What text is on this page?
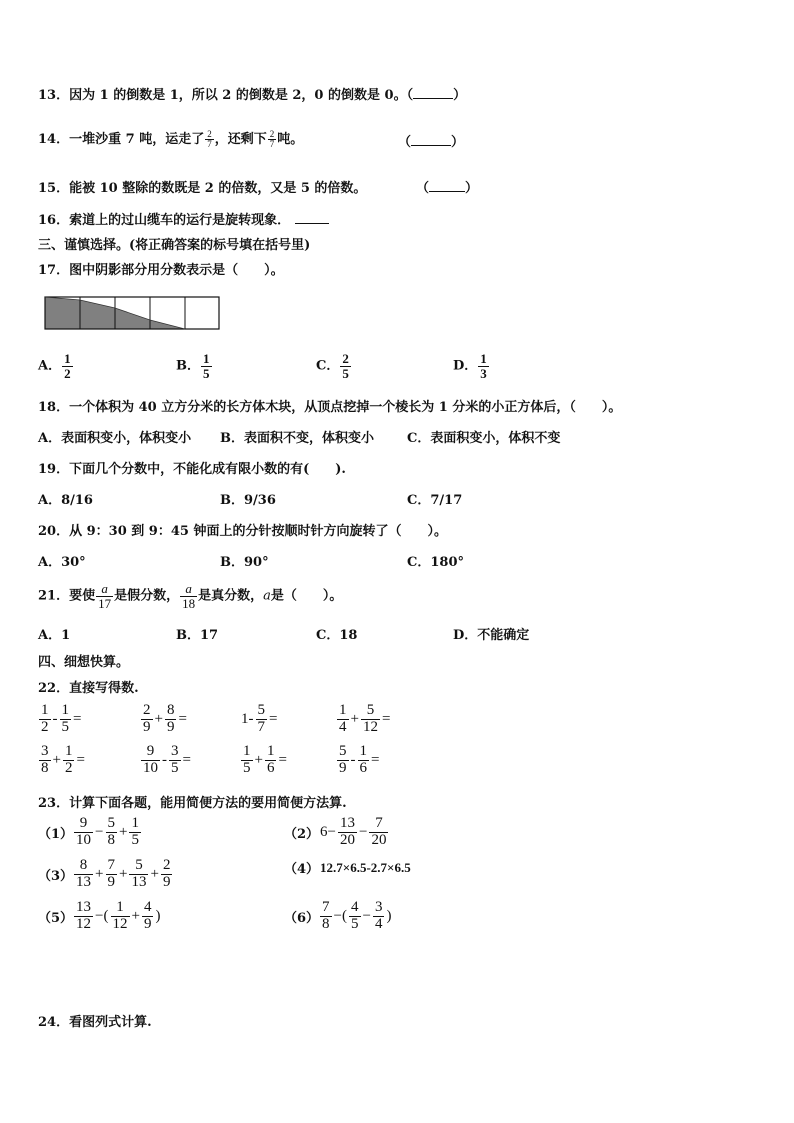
13．因为 1 的倒数是 1，所以 2 的倒数是 2，0 的倒数是 0。（	）
14．一堆沙重 7 吨，运走了 $\frac{2}{7}$ ，还剩下 $\frac{2}{7}$ 吨。	（	）
15．能被 10 整除的数既是 2 的倍数，又是 5 的倍数。	（	）
16．索道上的过山缆车的运行是旋转现象．
三、谨慎选择。(将正确答案的标号填在括号里)
17．图中阴影部分用分数表示是（　　）。
A． $\frac{1}{2}$	B． $\frac{1}{5}$	C． $\frac{2}{5}$	D． $\frac{1}{3}$
18．一个体积为 40 立方分米的长方体木块，从顶点挖掉一个棱长为 1 分米的小正方体后，（　　）。
A．表面积变小，体积变小 B．表面积不变，体积变小	C．表面积变小，体积不变
19．下面几个分数中，不能化成有限小数的有(　　).
A．8/16	B．9/36	C．7/17
20．从 9：30 到 9：45 钟面上的分针按顺时针方向旋转了（　　）。
A．30°	B．90°	C．180°
21．要使 $\frac{a}{17}$ 是假分数， $\frac{a}{18}$ 是真分数，a是（　　）。
A．1	B．17	C．18	D．不能确定
四、细想快算。
22．直接写得数.
$\frac{1}{2} - \frac{1}{5}$ =	$\frac{2}{9} + \frac{8}{9}$ =	$1- \frac{5}{7}$ =	$\frac{1}{4} + \frac{5}{12}$ =
$\frac{3}{8} + \frac{1}{2}$ =	$\frac{9}{10} - \frac{3}{5}$ =	$\frac{1}{5} + \frac{1}{6}$ =	$\frac{5}{9} - \frac{1}{6}$ =
23．计算下面各题，能用简便方法的要用简便方法算.
$(1) \frac{9}{10} - \frac{5}{8} + \frac{1}{5}$	（2） $6- \frac{13}{20} - \frac{7}{20}$
$(3) \frac{8}{13} + \frac{7}{9} + \frac{5}{13} + \frac{2}{9}$	（4） 12.7×6.5-2.7×6.5
$(5) \frac{13}{12}$ −( $\frac{1}{12} + \frac{4}{9}$ )	$(6) \frac{7}{8}$ −( $\frac{4}{5} - \frac{3}{4}$ )
24．看图列式计算.
